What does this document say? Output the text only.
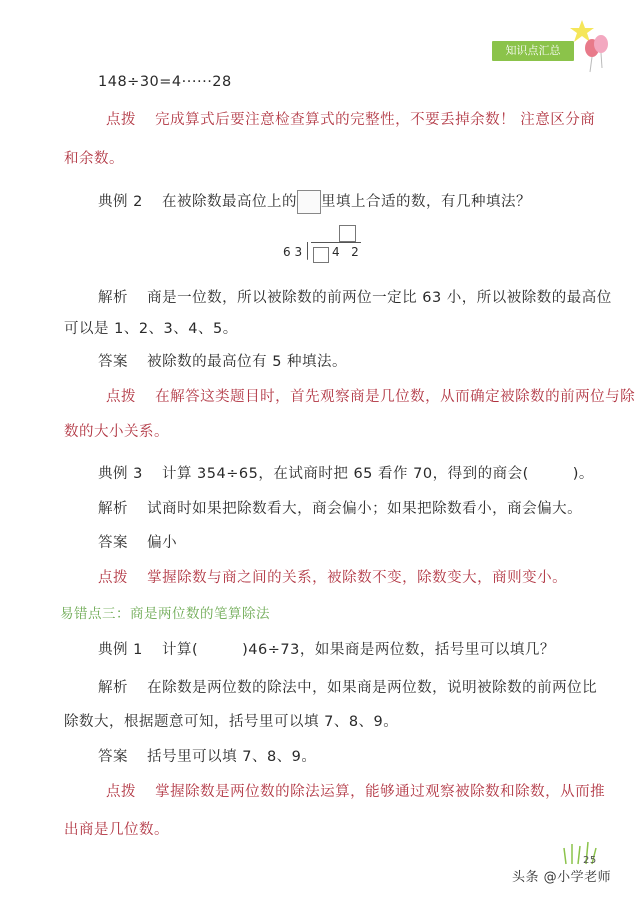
知识点汇总
148÷30=4······28
点拨 完成算式后要注意检查算式的完整性，不要丢掉余数！ 注意区分商
和余数。
典例 2 在被除数最高位上的 里填上合适的数，有几种填法？
6 3 4   2
解析 商是一位数，所以被除数的前两位一定比 63 小，所以被除数的最高位
可以是 1、2、3、4、5。
答案 被除数的最高位有 5 种填法。
点拨 在解答这类题目时，首先观察商是几位数，从而确定被除数的前两位与除
数的大小关系。
典例 3 计算 354÷65，在试商时把 65 看作 70，得到的商会(	)。
解析 试商时如果把除数看大，商会偏小；如果把除数看小，商会偏大。
答案 偏小
点拨 掌握除数与商之间的关系，被除数不变，除数变大，商则变小。
易错点三：商是两位数的笔算除法
典例 1 计算(	)46÷73，如果商是两位数，括号里可以填几？
解析 在除数是两位数的除法中，如果商是两位数，说明被除数的前两位比
除数大，根据题意可知，括号里可以填 7、8、9。
答案 括号里可以填 7、8、9。
点拨 掌握除数是两位数的除法运算，能够通过观察被除数和除数，从而推
出商是几位数。
25
头条 @小学老师
